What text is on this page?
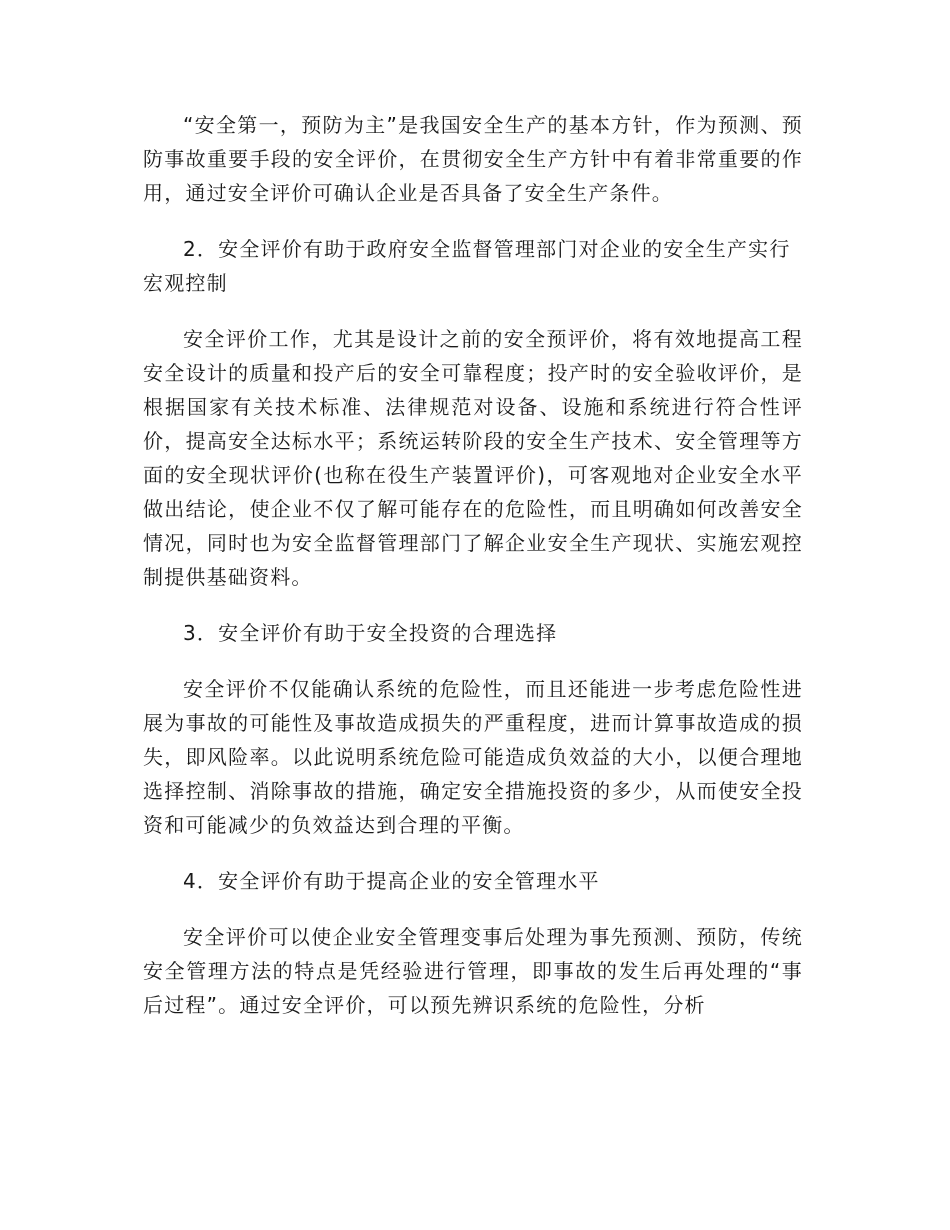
“安全第一，预防为主”是我国安全生产的基本方针，作为预测、预防事故重要手段的安全评价，在贯彻安全生产方针中有着非常重要的作用，通过安全评价可确认企业是否具备了安全生产条件。

2．安全评价有助于政府安全监督管理部门对企业的安全生产实行宏观控制

安全评价工作，尤其是设计之前的安全预评价，将有效地提高工程安全设计的质量和投产后的安全可靠程度；投产时的安全验收评价，是根据国家有关技术标准、法律规范对设备、设施和系统进行符合性评价，提高安全达标水平；系统运转阶段的安全生产技术、安全管理等方面的安全现状评价(也称在役生产装置评价)，可客观地对企业安全水平做出结论，使企业不仅了解可能存在的危险性，而且明确如何改善安全情况，同时也为安全监督管理部门了解企业安全生产现状、实施宏观控制提供基础资料。

3．安全评价有助于安全投资的合理选择

安全评价不仅能确认系统的危险性，而且还能进一步考虑危险性进展为事故的可能性及事故造成损失的严重程度，进而计算事故造成的损失，即风险率。以此说明系统危险可能造成负效益的大小，以便合理地选择控制、消除事故的措施，确定安全措施投资的多少，从而使安全投资和可能减少的负效益达到合理的平衡。

4．安全评价有助于提高企业的安全管理水平

安全评价可以使企业安全管理变事后处理为事先预测、预防，传统安全管理方法的特点是凭经验进行管理，即事故的发生后再处理的“事后过程”。通过安全评价，可以预先辨识系统的危险性，分析
